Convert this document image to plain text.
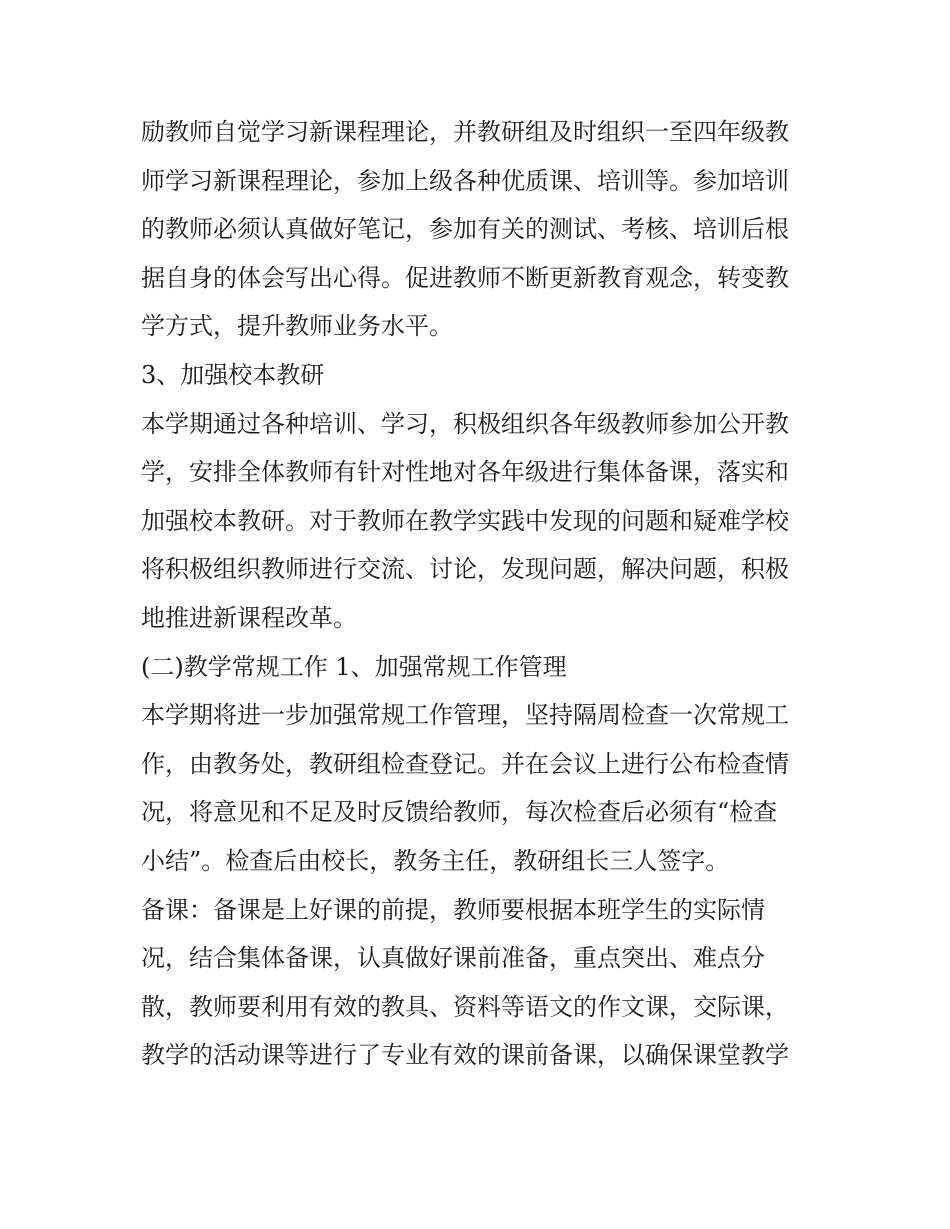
励教师自觉学习新课程理论，并教研组及时组织一至四年级教
师学习新课程理论，参加上级各种优质课、培训等。参加培训
的教师必须认真做好笔记，参加有关的测试、考核、培训后根
据自身的体会写出心得。促进教师不断更新教育观念，转变教
学方式，提升教师业务水平。
3、加强校本教研
本学期通过各种培训、学习，积极组织各年级教师参加公开教
学，安排全体教师有针对性地对各年级进行集体备课，落实和
加强校本教研。对于教师在教学实践中发现的问题和疑难学校
将积极组织教师进行交流、讨论，发现问题，解决问题，积极
地推进新课程改革。
(二)教学常规工作 1、加强常规工作管理
本学期将进一步加强常规工作管理，坚持隔周检查一次常规工
作，由教务处，教研组检查登记。并在会议上进行公布检查情
况，将意见和不足及时反馈给教师，每次检查后必须有“检查
小结”。检查后由校长，教务主任，教研组长三人签字。
备课：备课是上好课的前提，教师要根据本班学生的实际情
况，结合集体备课，认真做好课前准备，重点突出、难点分
散，教师要利用有效的教具、资料等语文的作文课，交际课，
教学的活动课等进行了专业有效的课前备课，以确保课堂教学
